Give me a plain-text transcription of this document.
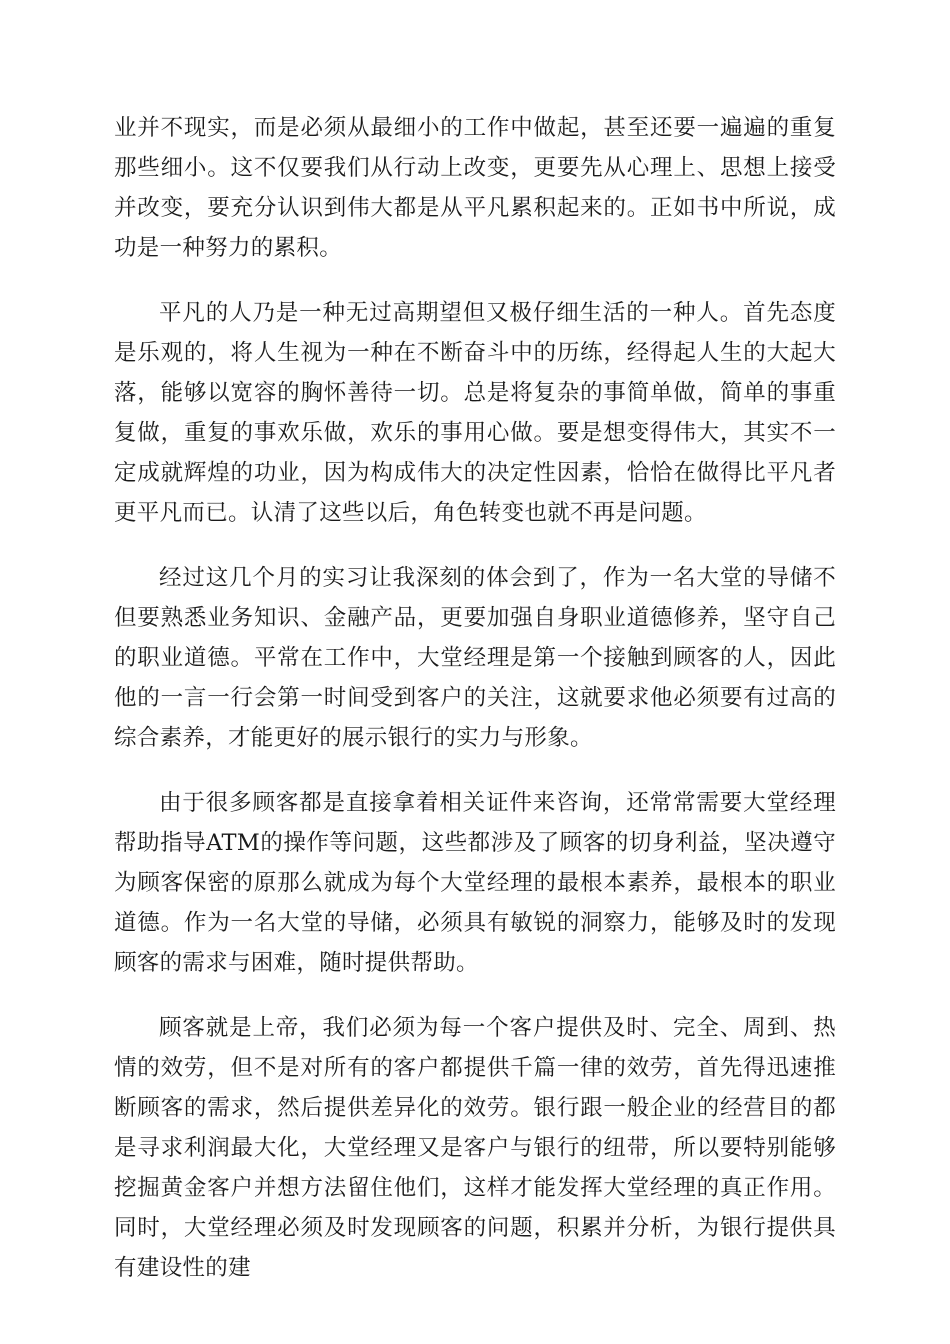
业并不现实，而是必须从最细小的工作中做起，甚至还要一遍遍的重复那些细小。这不仅要我们从行动上改变，更要先从心理上、思想上接受并改变，要充分认识到伟大都是从平凡累积起来的。正如书中所说，成功是一种努力的累积。

平凡的人乃是一种无过高期望但又极仔细生活的一种人。首先态度是乐观的，将人生视为一种在不断奋斗中的历练，经得起人生的大起大落，能够以宽容的胸怀善待一切。总是将复杂的事简单做，简单的事重复做，重复的事欢乐做，欢乐的事用心做。要是想变得伟大，其实不一定成就辉煌的功业，因为构成伟大的决定性因素，恰恰在做得比平凡者更平凡而已。认清了这些以后，角色转变也就不再是问题。

经过这几个月的实习让我深刻的体会到了，作为一名大堂的导储不但要熟悉业务知识、金融产品，更要加强自身职业道德修养，坚守自己的职业道德。平常在工作中，大堂经理是第一个接触到顾客的人，因此他的一言一行会第一时间受到客户的关注，这就要求他必须要有过高的综合素养，才能更好的展示银行的实力与形象。

由于很多顾客都是直接拿着相关证件来咨询，还常常需要大堂经理帮助指导ATM的操作等问题，这些都涉及了顾客的切身利益，坚决遵守为顾客保密的原那么就成为每个大堂经理的最根本素养，最根本的职业道德。作为一名大堂的导储，必须具有敏锐的洞察力，能够及时的发现顾客的需求与困难，随时提供帮助。

顾客就是上帝，我们必须为每一个客户提供及时、完全、周到、热情的效劳，但不是对所有的客户都提供千篇一律的效劳，首先得迅速推断顾客的需求，然后提供差异化的效劳。银行跟一般企业的经营目的都是寻求利润最大化，大堂经理又是客户与银行的纽带，所以要特别能够挖掘黄金客户并想方法留住他们，这样才能发挥大堂经理的真正作用。同时，大堂经理必须及时发现顾客的问题，积累并分析，为银行提供具有建设性的建
